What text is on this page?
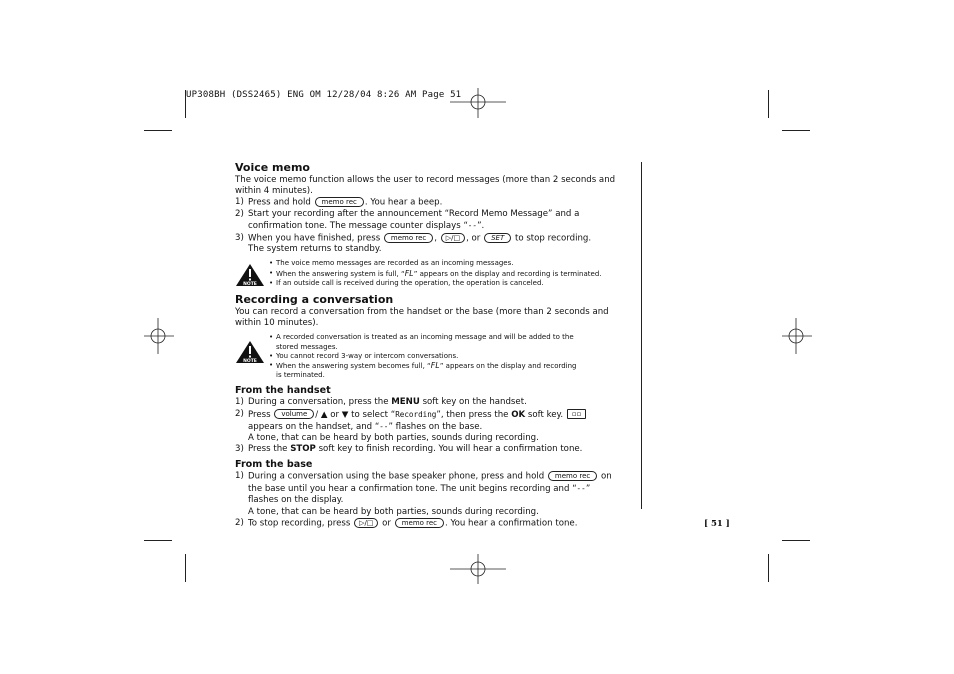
UP308BH (DSS2465) ENG OM 12/28/04 8:26 AM Page 51
Voice memo

The voice memo function allows the user to record messages (more than 2 seconds and within 4 minutes).

1) Press and hold memo rec . You hear a beep.
2) Start your recording after the announcement “Record Memo Message” and a
confirmation tone. The message counter displays “--”.
3) When you have finished, press memo rec , ▷/□ , or SET to stop recording.
The system returns to standby.
NOTE
• The voice memo messages are recorded as an incoming messages.
• When the answering system is full, “FL” appears on the display and recording is terminated.
• If an outside call is received during the operation, the operation is canceled.
Recording a conversation

You can record a conversation from the handset or the base (more than 2 seconds and within 10 minutes).

NOTE
• A recorded conversation is treated as an incoming message and will be added to the
stored messages.
• You cannot record 3-way or intercom conversations.
• When the answering system becomes full, “FL” appears on the display and recording
is terminated.
From the handset
1) During a conversation, press the MENU soft key on the handset.
2) Press volume / ▲ or ▼ to select “Recording”, then press the OK soft key. ▫▫
appears on the handset, and “--” flashes on the base.
A tone, that can be heard by both parties, sounds during recording.
3) Press the STOP soft key to finish recording. You will hear a confirmation tone.
From the base
1) During a conversation using the base speaker phone, press and hold memo rec on
the base until you hear a confirmation tone. The unit begins recording and “--”
flashes on the display.
A tone, that can be heard by both parties, sounds during recording.
2) To stop recording, press ▷/□ or memo rec . You hear a confirmation tone.	[ 51 ]
